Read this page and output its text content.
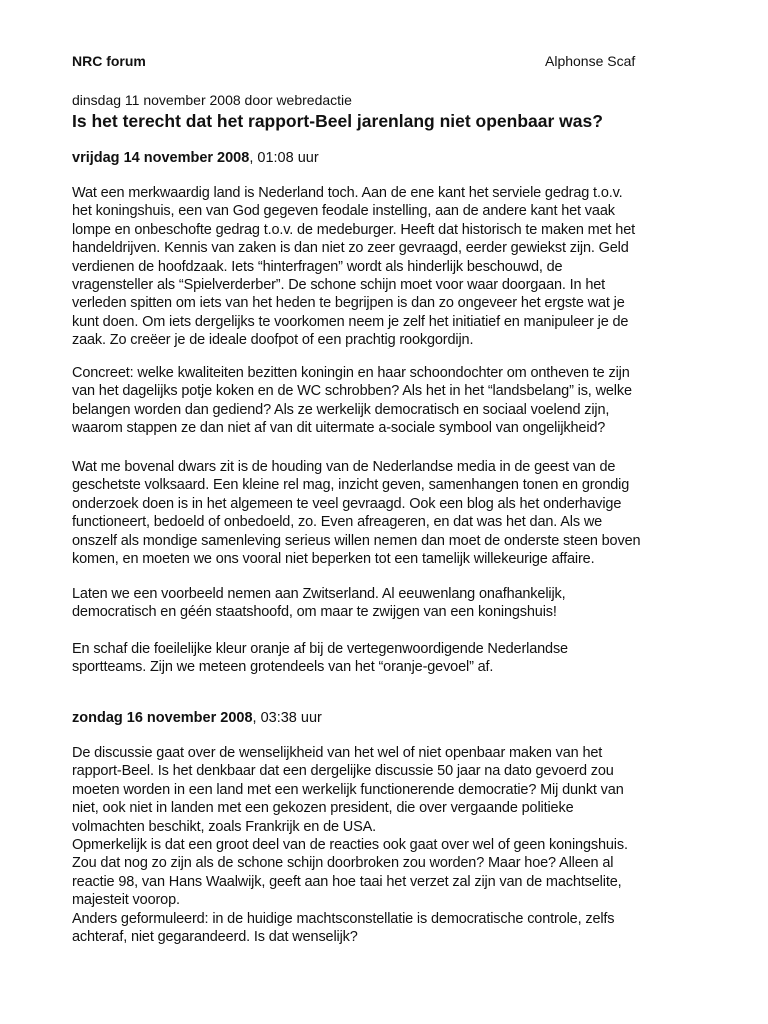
NRC forum	Alphonse Scaf
dinsdag 11 november 2008 door webredactie
Is het terecht dat het rapport-Beel jarenlang niet openbaar was?
vrijdag 14 november 2008, 01:08 uur

Wat een merkwaardig land is Nederland toch. Aan de ene kant het serviele gedrag t.o.v.
het koningshuis, een van God gegeven feodale instelling, aan de andere kant het vaak
lompe en onbeschofte gedrag t.o.v. de medeburger. Heeft dat historisch te maken met het
handeldrijven. Kennis van zaken is dan niet zo zeer gevraagd, eerder gewiekst zijn. Geld
verdienen de hoofdzaak. Iets “hinterfragen” wordt als hinderlijk beschouwd, de
vragensteller als “Spielverderber”. De schone schijn moet voor waar doorgaan. In het
verleden spitten om iets van het heden te begrijpen is dan zo ongeveer het ergste wat je
kunt doen. Om iets dergelijks te voorkomen neem je zelf het initiatief en manipuleer je de
zaak. Zo creëer je de ideale doofpot of een prachtig rookgordijn.

Concreet: welke kwaliteiten bezitten koningin en haar schoondochter om ontheven te zijn
van het dagelijks potje koken en de WC schrobben? Als het in het “landsbelang” is, welke
belangen worden dan gediend? Als ze werkelijk democratisch en sociaal voelend zijn,
waarom stappen ze dan niet af van dit uitermate a-sociale symbool van ongelijkheid?

Wat me bovenal dwars zit is de houding van de Nederlandse media in de geest van de
geschetste volksaard. Een kleine rel mag, inzicht geven, samenhangen tonen en grondig
onderzoek doen is in het algemeen te veel gevraagd. Ook een blog als het onderhavige
functioneert, bedoeld of onbedoeld, zo. Even afreageren, en dat was het dan. Als we
onszelf als mondige samenleving serieus willen nemen dan moet de onderste steen boven
komen, en moeten we ons vooral niet beperken tot een tamelijk willekeurige affaire.

Laten we een voorbeeld nemen aan Zwitserland. Al eeuwenlang onafhankelijk,
democratisch en géén staatshoofd, om maar te zwijgen van een koningshuis!

En schaf die foeilelijke kleur oranje af bij de vertegenwoordigende Nederlandse
sportteams. Zijn we meteen grotendeels van het “oranje-gevoel” af.

zondag 16 november 2008, 03:38 uur

De discussie gaat over de wenselijkheid van het wel of niet openbaar maken van het
rapport-Beel. Is het denkbaar dat een dergelijke discussie 50 jaar na dato gevoerd zou
moeten worden in een land met een werkelijk functionerende democratie? Mij dunkt van
niet, ook niet in landen met een gekozen president, die over vergaande politieke
volmachten beschikt, zoals Frankrijk en de USA.
Opmerkelijk is dat een groot deel van de reacties ook gaat over wel of geen koningshuis.
Zou dat nog zo zijn als de schone schijn doorbroken zou worden? Maar hoe? Alleen al
reactie 98, van Hans Waalwijk, geeft aan hoe taai het verzet zal zijn van de machtselite,
majesteit voorop.
Anders geformuleerd: in de huidige machtsconstellatie is democratische controle, zelfs
achteraf, niet gegarandeerd. Is dat wenselijk?
